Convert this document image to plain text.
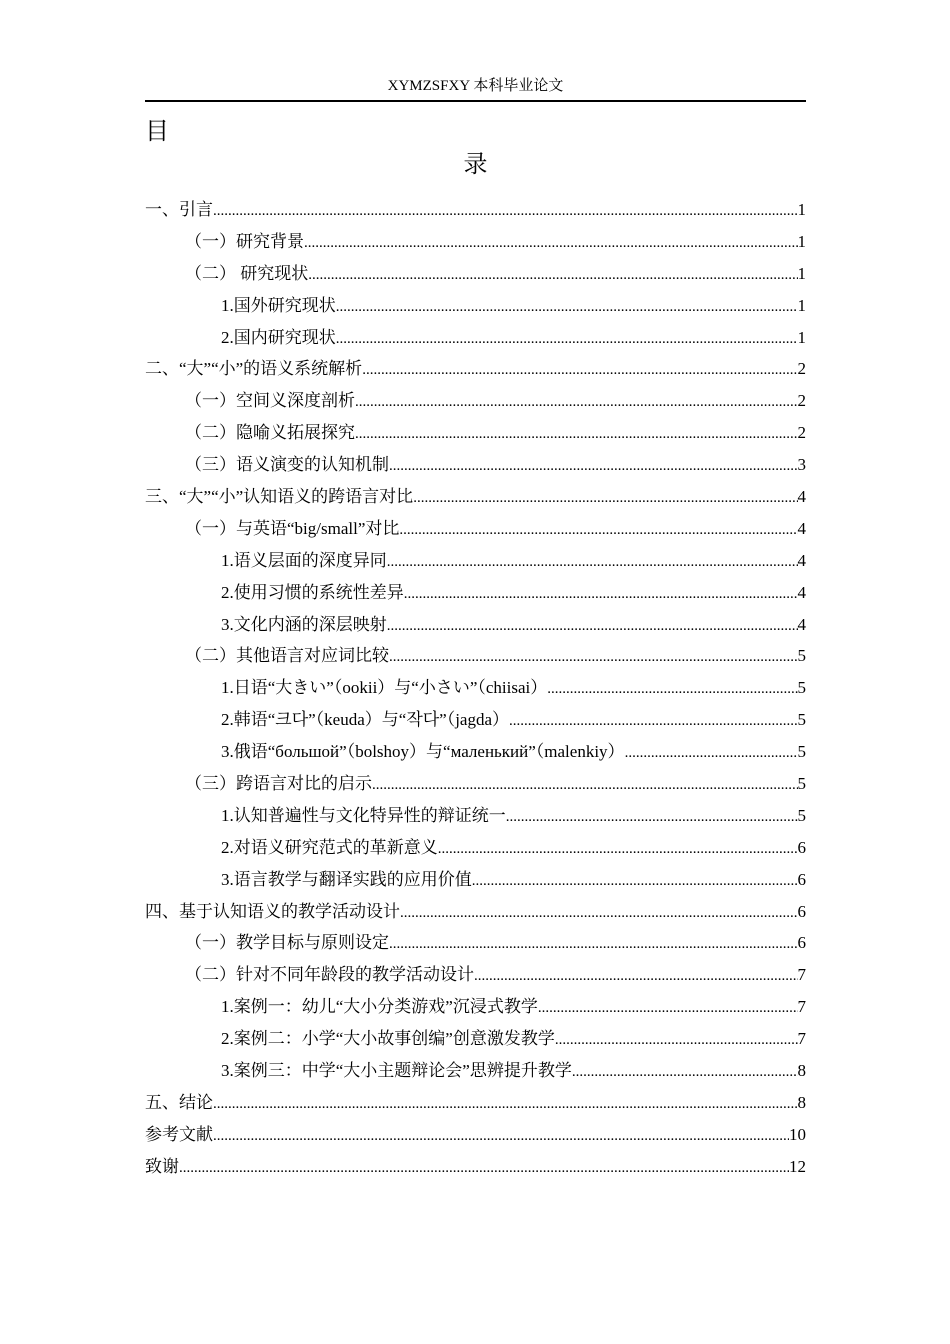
XYMZSFXY 本科毕业论文
目
录
一、引言 .....	1
（一）研究背景 .....	1
（二） 研究现状 .....	1
1.国外研究现状 .....	1
2.国内研究现状 .....	1
二、“大”“小”的语义系统解析 .....	2
（一）空间义深度剖析 .....	2
（二）隐喻义拓展探究 .....	2
（三）语义演变的认知机制 .....	3
三、“大”“小”认知语义的跨语言对比 .....	4
（一）与英语“big/small”对比 .....	4
1.语义层面的深度异同 .....	4
2.使用习惯的系统性差异 .....	4
3.文化内涵的深层映射 .....	4
（二）其他语言对应词比较 .....	5
1.日语“大きい”（ookii）与“小さい”（chiisai） .....	5
2.韩语“크다”（keuda）与“작다”（jagda） .....	5
3.俄语“большой”（bolshoy）与“маленький”（malenkiy） .....	5
（三）跨语言对比的启示 .....	5
1.认知普遍性与文化特异性的辩证统一 .....	5
2.对语义研究范式的革新意义 .....	6
3.语言教学与翻译实践的应用价值 .....	6
四、基于认知语义的教学活动设计 .....	6
（一）教学目标与原则设定 .....	6
（二）针对不同年龄段的教学活动设计 .....	7
1.案例一：幼儿“大小分类游戏”沉浸式教学 .....	7
2.案例二：小学“大小故事创编”创意激发教学 .....	7
3.案例三：中学“大小主题辩论会”思辨提升教学 .....	8
五、结论 .....	8
参考文献 .....	10
致谢 .....	12
